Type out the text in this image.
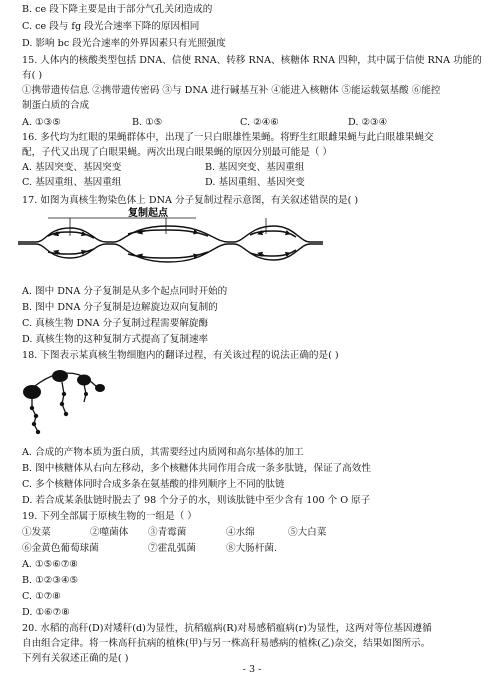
B. ce 段下降主要是由于部分气孔关闭造成的
C. ce 段与 fg 段光合速率下降的原因相同
D. 影响 bc 段光合速率的外界因素只有光照强度
15. 人体内的核酸类型包括 DNA、信使 RNA、转移 RNA、核糖体 RNA 四种，其中属于信使 RNA 功能的
有( )
①携带遗传信息 ②携带遗传密码 ③与 DNA 进行碱基互补 ④能进入核糖体 ⑤能运载氨基酸 ⑥能控
制蛋白质的合成
A. ①③⑤	B. ①⑤	C. ②④⑥	D. ②③④
16. 多代均为红眼的果蝇群体中，出现了一只白眼雄性果蝇。将野生红眼雌果蝇与此白眼雄果蝇交
配，子代又出现了白眼果蝇。两次出现白眼果蝇的原因分别最可能是（ ）
A. 基因突变、基因突变	B. 基因突变、基因重组
C. 基因重组、基因重组	D. 基因重组、基因突变
17. 如图为真核生物染色体上 DNA 分子复制过程示意图，有关叙述错误的是( )
复制起点
A. 图中 DNA 分子复制是从多个起点同时开始的
B. 图中 DNA 分子复制是边解旋边双向复制的
C. 真核生物 DNA 分子复制过程需要解旋酶
D. 真核生物的这种复制方式提高了复制速率
18. 下图表示某真核生物细胞内的翻译过程，有关该过程的说法正确的是( )
A. 合成的产物本质为蛋白质，其需要经过内质网和高尔基体的加工
B. 图中核糖体从右向左移动，多个核糖体共同作用合成一条多肽链，保证了高效性
C. 多个核糖体同时合成多条在氨基酸的排列顺序上不同的肽链
D. 若合成某条肽链时脱去了 98 个分子的水，则该肽链中至少含有 100 个 O 原子
19. 下列全部属于原核生物的一组是（ ）
①发菜	②噬菌体 ③青霉菌	④水绵	⑤大白菜
⑥金黄色葡萄球菌	⑦霍乱弧菌	⑧大肠杆菌.
A. ①⑤⑥⑦⑧
B. ①②③④⑤
C. ①⑦⑧
D. ①⑥⑦⑧
20. 水稻的高秆(D)对矮秆(d)为显性，抗稻瘟病(R)对易感稻瘟病(r)为显性，这两对等位基因遵循
自由组合定律。将一株高秆抗病的植株(甲)与另一株高秆易感病的植株(乙)杂交，结果如图所示。
下列有关叙述正确的是( )
- 3 -
